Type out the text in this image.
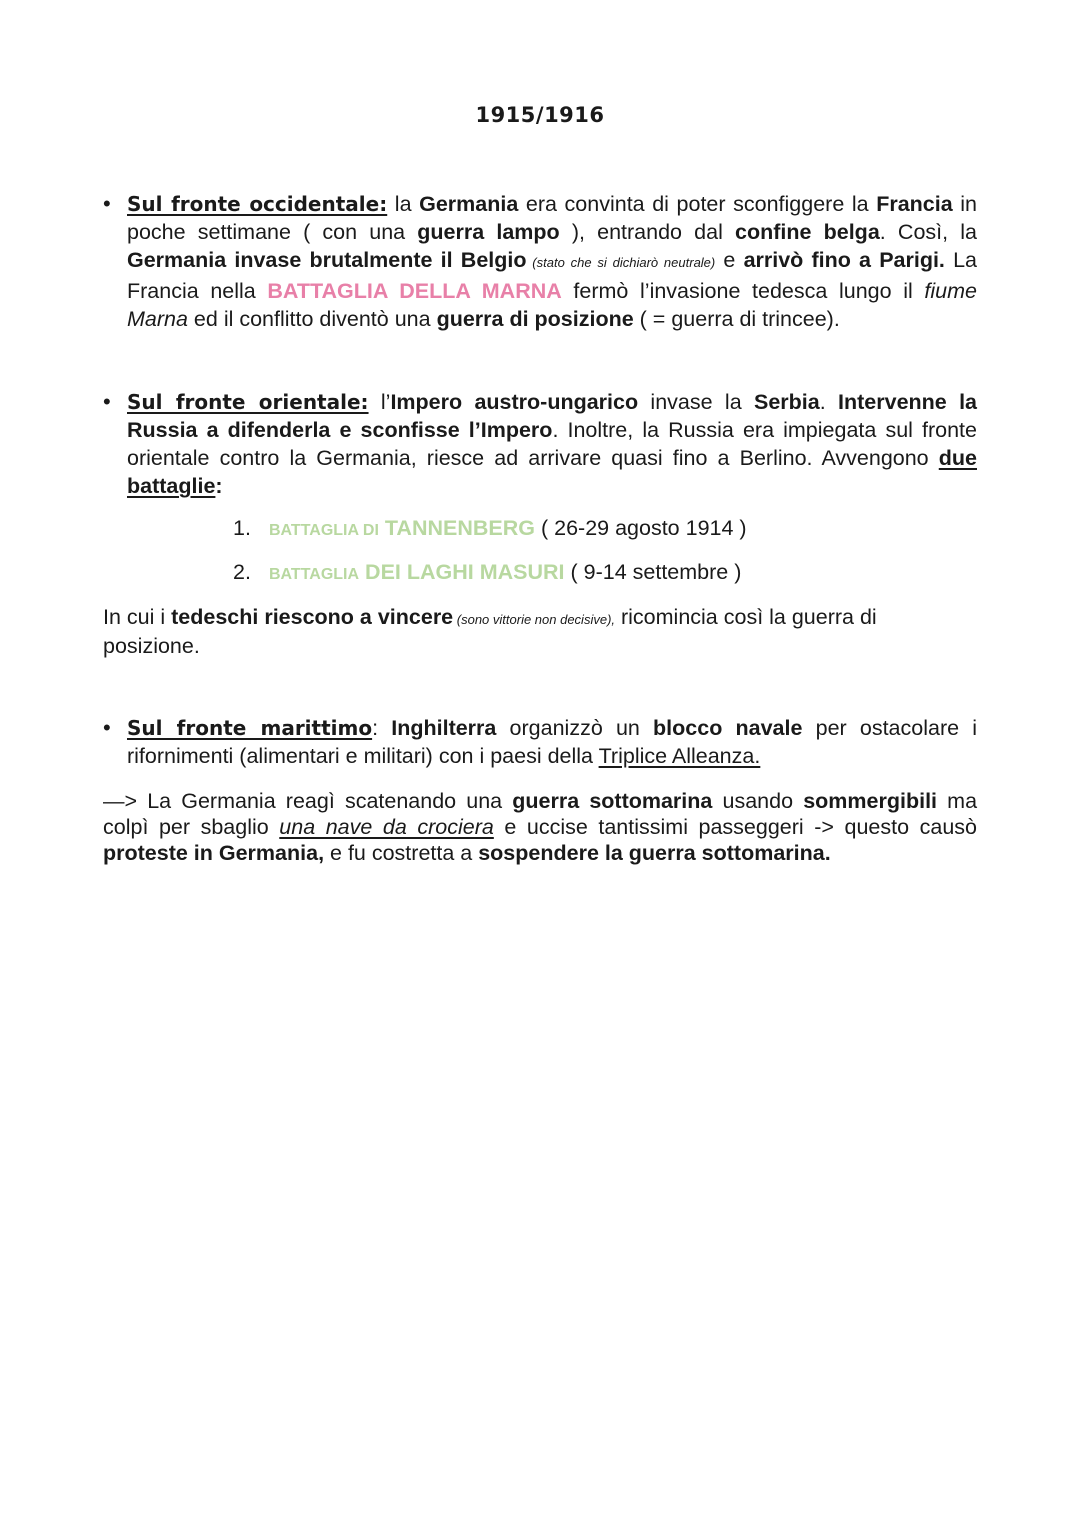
1915/1916
• Sul fronte occidentale: la Germania era convinta di poter sconfiggere la Francia in poche settimane ( con una guerra lampo ), entrando dal confine belga. Così, la Germania invase brutalmente il Belgio (stato che si dichiarò neutrale) e arrivò fino a Parigi. La Francia nella BATTAGLIA DELLA MARNA fermò l’invasione tedesca lungo il fiume Marna ed il conflitto diventò una guerra di posizione ( = guerra di trincee).
• Sul fronte orientale: l’Impero austro-ungarico invase la Serbia. Intervenne la Russia a difenderla e sconfisse l’Impero. Inoltre, la Russia era impiegata sul fronte orientale contro la Germania, riesce ad arrivare quasi fino a Berlino. Avvengono due battaglie:
1. BATTAGLIA DI TANNENBERG ( 26-29 agosto 1914 )
2. BATTAGLIA DEI LAGHI MASURI ( 9-14 settembre )
In cui i tedeschi riescono a vincere (sono vittorie non decisive), ricomincia così la guerra di posizione.
• Sul fronte marittimo: Inghilterra organizzò un blocco navale per ostacolare i rifornimenti (alimentari e militari) con i paesi della Triplice Alleanza.
—> La Germania reagì scatenando una guerra sottomarina usando sommergibili ma colpì per sbaglio una nave da crociera e uccise tantissimi passeggeri -> questo causò proteste in Germania, e fu costretta a sospendere la guerra sottomarina.
